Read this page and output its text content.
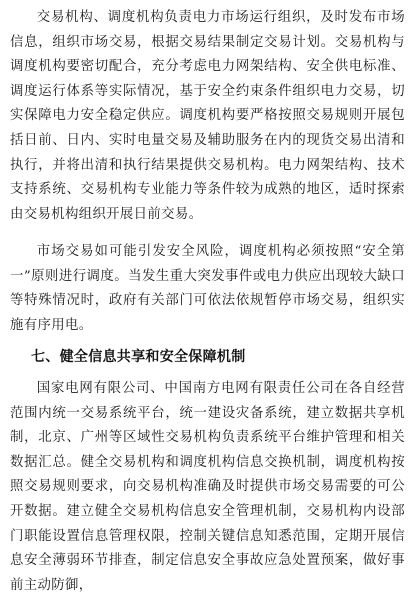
交易机构、调度机构负责电力市场运行组织，及时发布市场信息，组织市场交易，根据交易结果制定交易计划。交易机构与调度机构要密切配合，充分考虑电力网架结构、安全供电标准、调度运行体系等实际情况，基于安全约束条件组织电力交易，切实保障电力安全稳定供应。调度机构要严格按照交易规则开展包括日前、日内、实时电量交易及辅助服务在内的现货交易出清和执行，并将出清和执行结果提供交易机构。电力网架结构、技术支持系统、交易机构专业能力等条件较为成熟的地区，适时探索由交易机构组织开展日前交易。

市场交易如可能引发安全风险，调度机构必须按照“安全第一”原则进行调度。当发生重大突发事件或电力供应出现较大缺口等特殊情况时，政府有关部门可依法依规暂停市场交易，组织实施有序用电。

七、健全信息共享和安全保障机制

国家电网有限公司、中国南方电网有限责任公司在各自经营范围内统一交易系统平台，统一建设灾备系统，建立数据共享机制，北京、广州等区域性交易机构负责系统平台维护管理和相关数据汇总。健全交易机构和调度机构信息交换机制，调度机构按照交易规则要求，向交易机构准确及时提供市场交易需要的可公开数据。建立健全交易机构信息安全管理机制，交易机构内设部门职能设置信息管理权限，控制关键信息知悉范围，定期开展信息安全薄弱环节排查，制定信息安全事故应急处置预案，做好事前主动防御，
